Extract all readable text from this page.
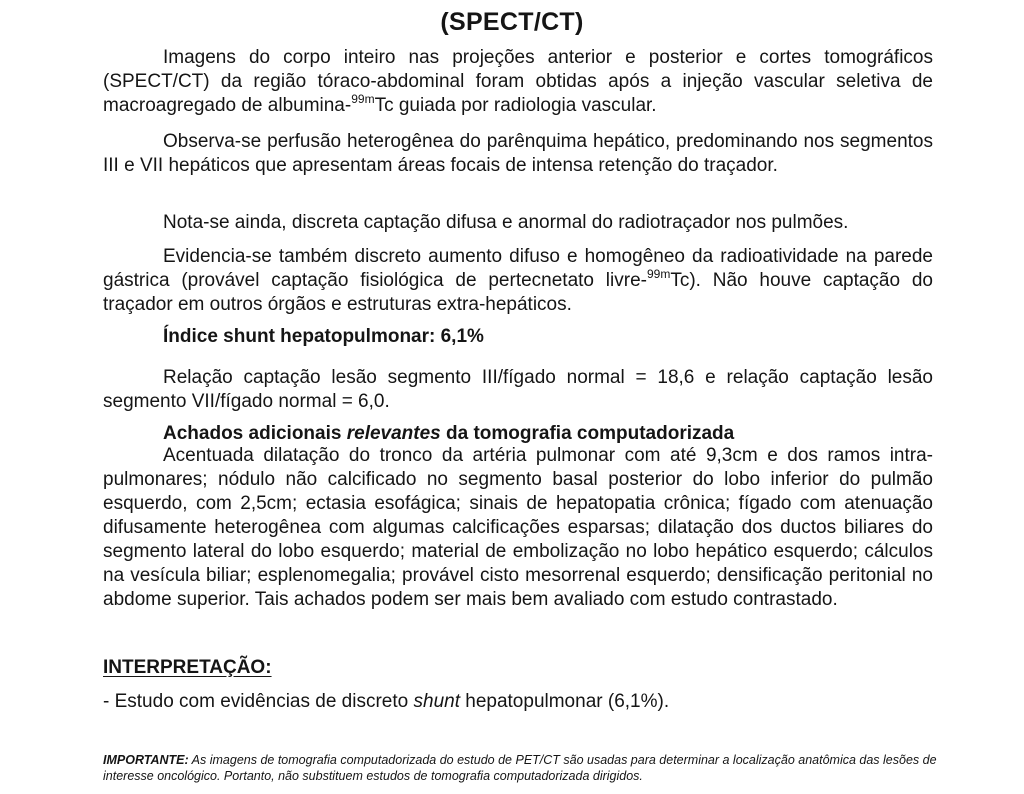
(SPECT/CT)
Imagens do corpo inteiro nas projeções anterior e posterior e cortes tomográficos (SPECT/CT) da região tóraco-abdominal foram obtidas após a injeção vascular seletiva de macroagregado de albumina-$^{99m}$Tc guiada por radiologia vascular.
Observa-se perfusão heterogênea do parênquima hepático, predominando nos segmentos III e VII hepáticos que apresentam áreas focais de intensa retenção do traçador.
Nota-se ainda, discreta captação difusa e anormal do radiotraçador nos pulmões.
Evidencia-se também discreto aumento difuso e homogêneo da radioatividade na parede gástrica (provável captação fisiológica de pertecnetato livre-$^{99m}$Tc). Não houve captação do traçador em outros órgãos e estruturas extra-hepáticos.
Índice shunt hepatopulmonar: 6,1%
Relação captação lesão segmento III/fígado normal = 18,6 e relação captação lesão segmento VII/fígado normal = 6,0.
Achados adicionais relevantes da tomografia computadorizada
Acentuada dilatação do tronco da artéria pulmonar com até 9,3cm e dos ramos intra-pulmonares; nódulo não calcificado no segmento basal posterior do lobo inferior do pulmão esquerdo, com 2,5cm; ectasia esofágica; sinais de hepatopatia crônica; fígado com atenuação difusamente heterogênea com algumas calcificações esparsas; dilatação dos ductos biliares do segmento lateral do lobo esquerdo; material de embolização no lobo hepático esquerdo; cálculos na vesícula biliar; esplenomegalia; provável cisto mesorrenal esquerdo; densificação peritonial no abdome superior. Tais achados podem ser mais bem avaliado com estudo contrastado.
INTERPRETAÇÃO:
- Estudo com evidências de discreto shunt hepatopulmonar (6,1%).
IMPORTANTE: As imagens de tomografia computadorizada do estudo de PET/CT são usadas para determinar a localização anatômica das lesões de interesse oncológico. Portanto, não substituem estudos de tomografia computadorizada dirigidos.
